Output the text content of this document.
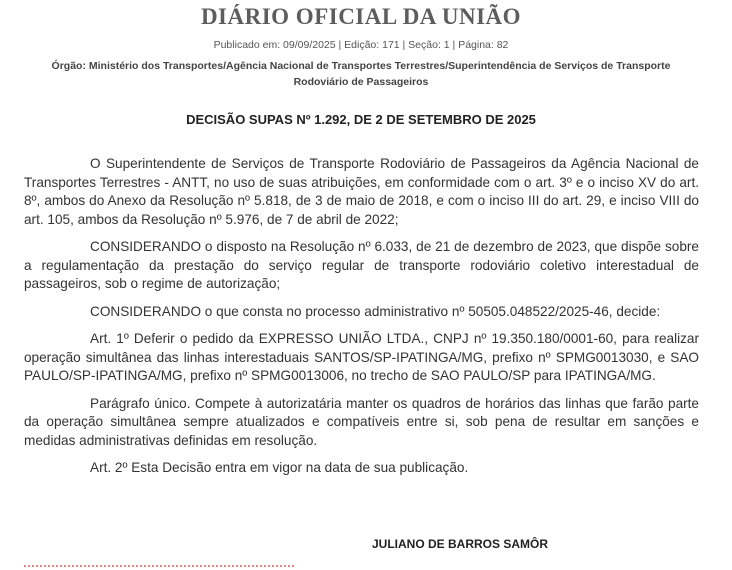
DIÁRIO OFICIAL DA UNIÃO
Publicado em: 09/09/2025 | Edição: 171 | Seção: 1 | Página: 82
Órgão: Ministério dos Transportes/Agência Nacional de Transportes Terrestres/Superintendência de Serviços de Transporte
Rodoviário de Passageiros
DECISÃO SUPAS Nº 1.292, DE 2 DE SETEMBRO DE 2025

O Superintendente de Serviços de Transporte Rodoviário de Passageiros da Agência Nacional de Transportes Terrestres - ANTT, no uso de suas atribuições, em conformidade com o art. 3º e o inciso XV do art. 8º, ambos do Anexo da Resolução nº 5.818, de 3 de maio de 2018, e com o inciso III do art. 29, e inciso VIII do art. 105, ambos da Resolução nº 5.976, de 7 de abril de 2022;

CONSIDERANDO o disposto na Resolução nº 6.033, de 21 de dezembro de 2023, que dispõe sobre a regulamentação da prestação do serviço regular de transporte rodoviário coletivo interestadual de passageiros, sob o regime de autorização;

CONSIDERANDO o que consta no processo administrativo nº 50505.048522/2025-46, decide:

Art. 1º Deferir o pedido da EXPRESSO UNIÃO LTDA., CNPJ nº 19.350.180/0001-60, para realizar operação simultânea das linhas interestaduais SANTOS/SP-IPATINGA/MG, prefixo nº SPMG0013030, e SAO PAULO/SP-IPATINGA/MG, prefixo nº SPMG0013006, no trecho de SAO PAULO/SP para IPATINGA/MG.

Parágrafo único. Compete à autorizatária manter os quadros de horários das linhas que farão parte da operação simultânea sempre atualizados e compatíveis entre si, sob pena de resultar em sanções e medidas administrativas definidas em resolução.

Art. 2º Esta Decisão entra em vigor na data de sua publicação.

JULIANO DE BARROS SAMÔR
